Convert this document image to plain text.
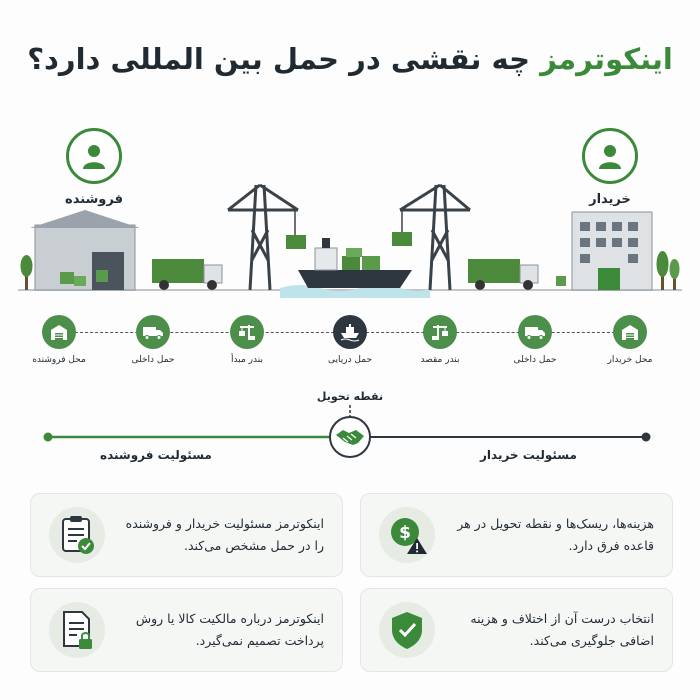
اینکوترمز چه نقشی در حمل بین المللی دارد؟
فروشنده	خریدار
محل خریدار
حمل داخلی
بندر مقصد
حمل دریایی
بندر مبدأ
حمل داخلی
محل فروشنده
نقطه تحویل
مسئولیت فروشنده	مسئولیت خریدار
$	هزینه‌ها، ریسک‌ها و نقطه تحویل در هر قاعده فرق دارد.
اینکوترمز مسئولیت خریدار و فروشنده را در حمل مشخص می‌کند.
انتخاب درست آن از اختلاف و هزینه اضافی جلوگیری می‌کند.
اینکوترمز درباره مالکیت کالا یا روش پرداخت تصمیم نمی‌گیرد.
